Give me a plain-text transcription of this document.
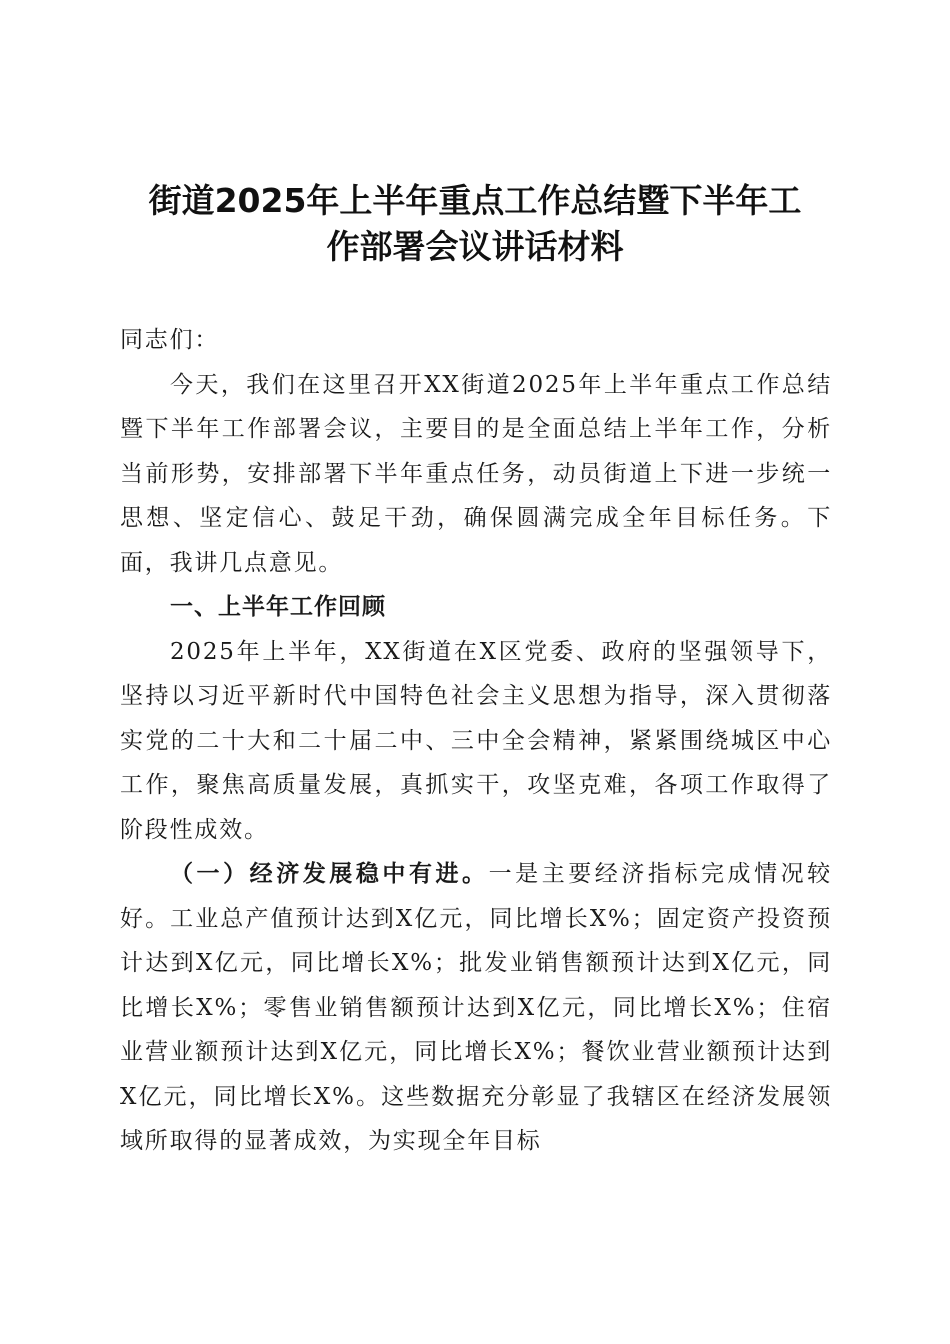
街道2025年上半年重点工作总结暨下半年工
作部署会议讲话材料

同志们：

今天，我们在这里召开XX街道2025年上半年重点工作总结暨下半年工作部署会议，主要目的是全面总结上半年工作，分析当前形势，安排部署下半年重点任务，动员街道上下进一步统一思想、坚定信心、鼓足干劲，确保圆满完成全年目标任务。下面，我讲几点意见。

一、上半年工作回顾

2025年上半年，XX街道在X区党委、政府的坚强领导下，坚持以习近平新时代中国特色社会主义思想为指导，深入贯彻落实党的二十大和二十届二中、三中全会精神，紧紧围绕城区中心工作，聚焦高质量发展，真抓实干，攻坚克难，各项工作取得了阶段性成效。

（一）经济发展稳中有进。一是主要经济指标完成情况较好。工业总产值预计达到X亿元，同比增长X%；固定资产投资预计达到X亿元，同比增长X%；批发业销售额预计达到X亿元，同比增长X%；零售业销售额预计达到X亿元，同比增长X%；住宿业营业额预计达到X亿元，同比增长X%；餐饮业营业额预计达到X亿元，同比增长X%。这些数据充分彰显了我辖区在经济发展领域所取得的显著成效，为实现全年目标
